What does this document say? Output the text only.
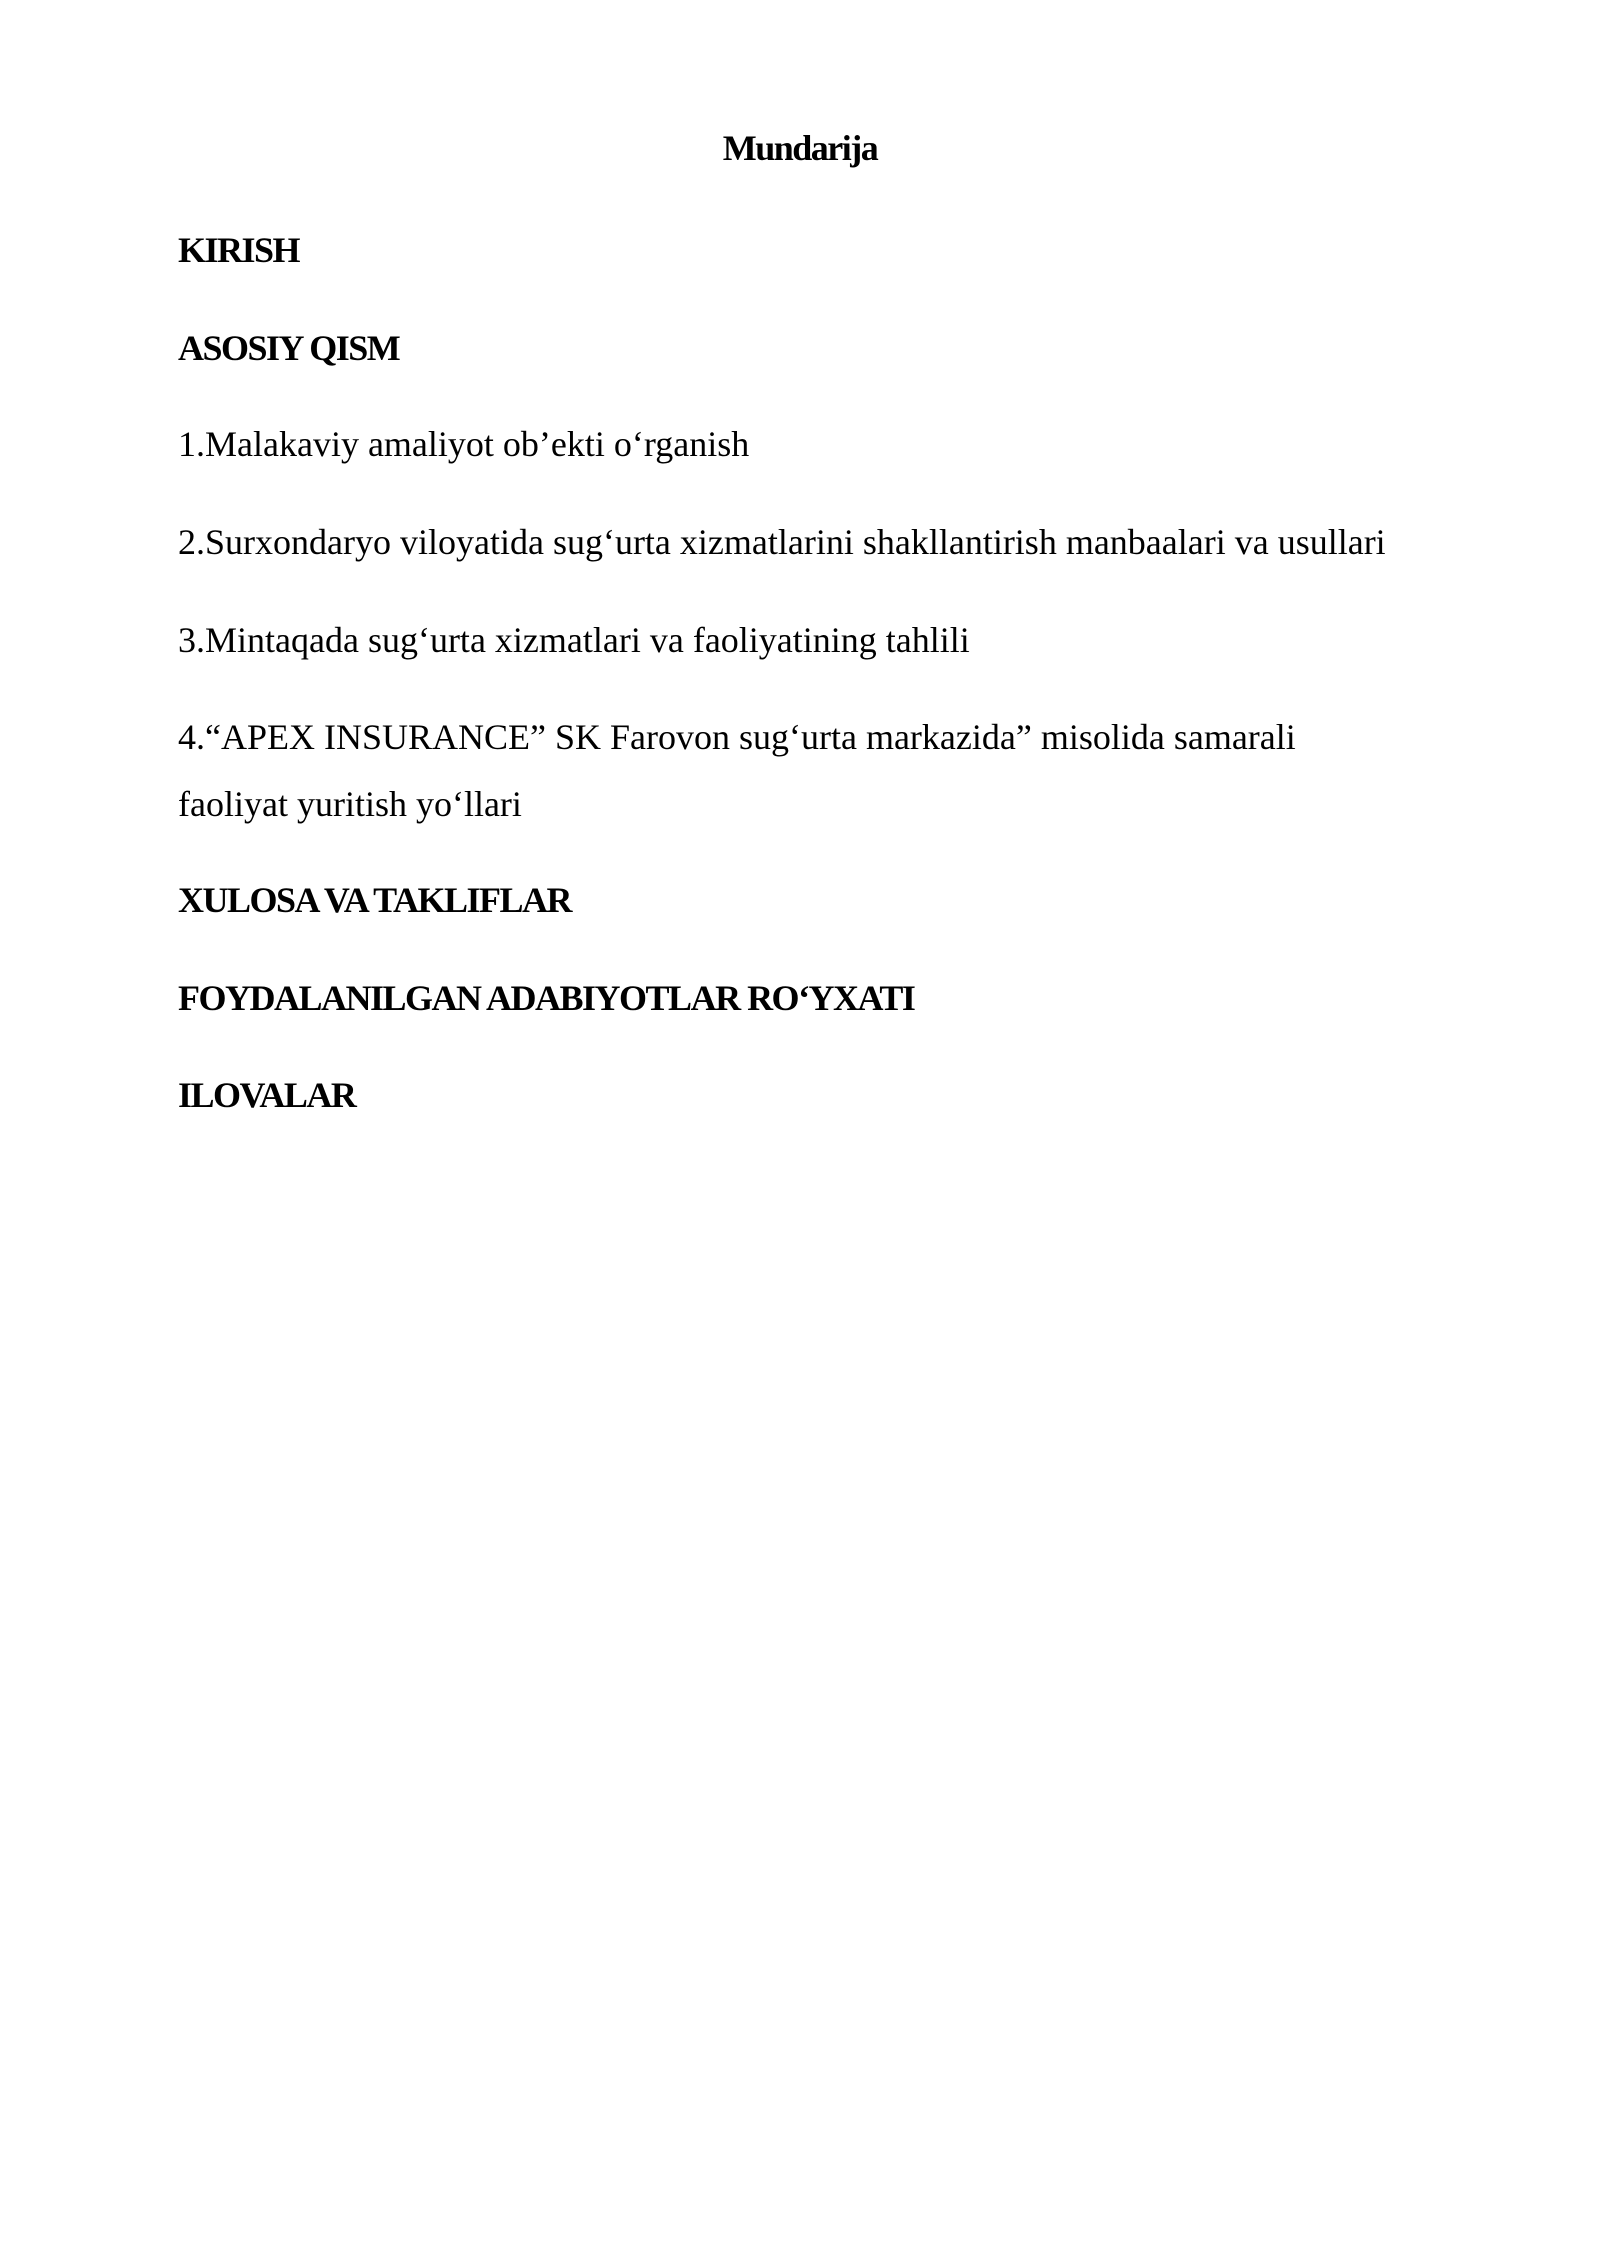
Mundarija
KIRISH
ASOSIY QISM
1.Malakaviy amaliyot ob’ekti o‘rganish
2.Surxondaryo viloyatida sug‘urta xizmatlarini shakllantirish manbaalari va usullari
3.Mintaqada sug‘urta xizmatlari va faoliyatining tahlili
4.“APEX INSURANCE” SK Farovon sug‘urta markazida” misolida samarali
faoliyat yuritish yo‘llari
XULOSA VA TAKLIFLAR
FOYDALANILGAN ADABIYOTLAR RO‘YXATI
ILOVALAR
